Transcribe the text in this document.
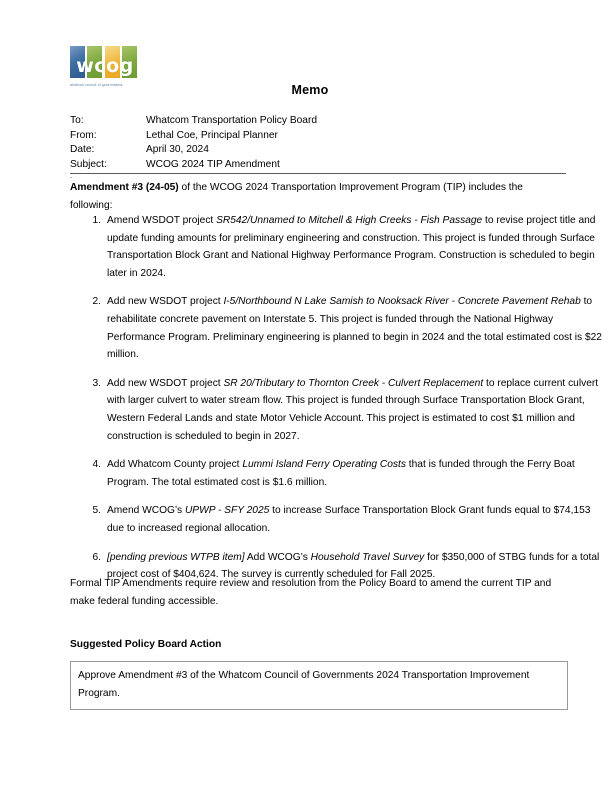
wcog
whatcom council of governments	Memo
To:	Whatcom Transportation Policy Board
From:	Lethal Coe, Principal Planner
Date:	April 30, 2024
Subject:	WCOG 2024 TIP Amendment
.
Amendment #3 (24-05) of the WCOG 2024 Transportation Improvement Program (TIP) includes the following:
Amend WSDOT project SR542/Unnamed to Mitchell & High Creeks - Fish Passage to revise project title and update funding amounts for preliminary engineering and construction. This project is funded through Surface Transportation Block Grant and National Highway Performance Program. Construction is scheduled to begin later in 2024.
Add new WSDOT project I-5/Northbound N Lake Samish to Nooksack River - Concrete Pavement Rehab to rehabilitate concrete pavement on Interstate 5. This project is funded through the National Highway Performance Program. Preliminary engineering is planned to begin in 2024 and the total estimated cost is $22 million.
Add new WSDOT project SR 20/Tributary to Thornton Creek - Culvert Replacement to replace current culvert with larger culvert to water stream flow. This project is funded through Surface Transportation Block Grant, Western Federal Lands and state Motor Vehicle Account. This project is estimated to cost $1 million and construction is scheduled to begin in 2027.
Add Whatcom County project Lummi Island Ferry Operating Costs that is funded through the Ferry Boat Program. The total estimated cost is $1.6 million.
Amend WCOG’s UPWP - SFY 2025 to increase Surface Transportation Block Grant funds equal to $74,153 due to increased regional allocation.
[pending previous WTPB item] Add WCOG’s Household Travel Survey for $350,000 of STBG funds for a total project cost of $404,624. The survey is currently scheduled for Fall 2025.
Formal TIP Amendments require review and resolution from the Policy Board to amend the current TIP and make federal funding accessible.
Suggested Policy Board Action
Approve Amendment #3 of the Whatcom Council of Governments 2024 Transportation Improvement Program.
